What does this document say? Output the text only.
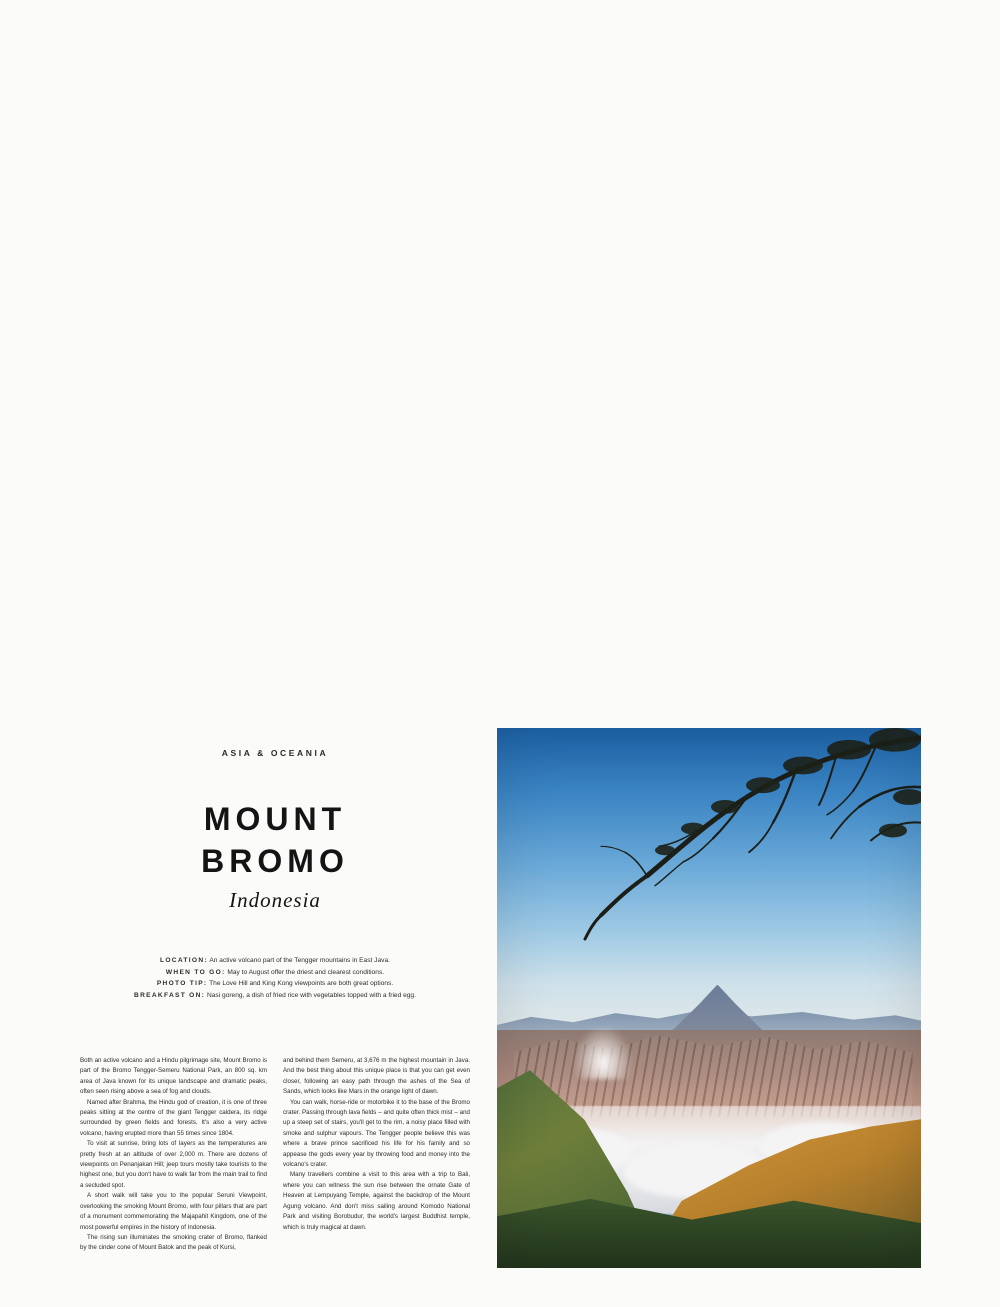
ASIA & OCEANIA
MOUNT
BROMO
Indonesia
LOCATION: An active volcano part of the Tengger mountains in East Java.
WHEN TO GO: May to August offer the driest and clearest conditions.
PHOTO TIP: The Love Hill and King Kong viewpoints are both great options.
BREAKFAST ON: Nasi goreng, a dish of fried rice with vegetables topped with a fried egg.

Both an active volcano and a Hindu pilgrimage site, Mount Bromo is part of the Bromo Tengger-Semeru National Park, an 800 sq. km area of Java known for its unique landscape and dramatic peaks, often seen rising above a sea of fog and clouds.

Named after Brahma, the Hindu god of creation, it is one of three peaks sitting at the centre of the giant Tengger caldera, its ridge surrounded by green fields and forests. It's also a very active volcano, having erupted more than 55 times since 1804.

To visit at sunrise, bring lots of layers as the temperatures are pretty fresh at an altitude of over 2,000 m. There are dozens of viewpoints on Penanjakan Hill; jeep tours mostly take tourists to the highest one, but you don't have to walk far from the main trail to find a secluded spot.

A short walk will take you to the popular Seruni Viewpoint, overlooking the smoking Mount Bromo, with four pillars that are part of a monument commemorating the Majapahit Kingdom, one of the most powerful empires in the history of Indonesia.

The rising sun illuminates the smoking crater of Bromo, flanked by the cinder cone of Mount Batok and the peak of Kursi,

and behind them Semeru, at 3,676 m the highest mountain in Java. And the best thing about this unique place is that you can get even closer, following an easy path through the ashes of the Sea of Sands, which looks like Mars in the orange light of dawn.

You can walk, horse-ride or motorbike it to the base of the Bromo crater. Passing through lava fields – and quite often thick mist – and up a steep set of stairs, you'll get to the rim, a noisy place filled with smoke and sulphur vapours. The Tengger people believe this was where a brave prince sacrificed his life for his family and so appease the gods every year by throwing food and money into the volcano's crater.

Many travellers combine a visit to this area with a trip to Bali, where you can witness the sun rise between the ornate Gate of Heaven at Lempuyang Temple, against the backdrop of the Mount Agung volcano. And don't miss sailing around Komodo National Park and visiting Borobudur, the world's largest Buddhist temple, which is truly magical at dawn.
